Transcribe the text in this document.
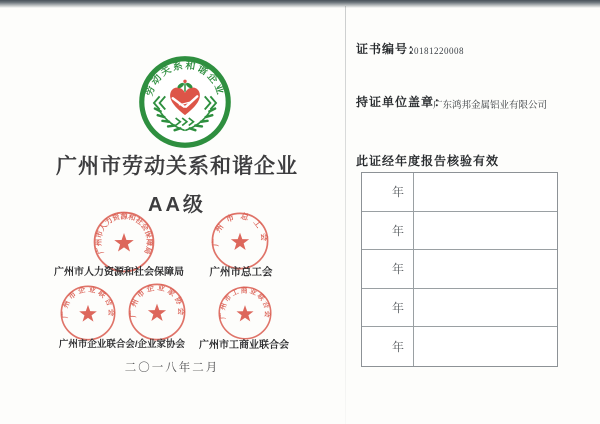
劳动关系和谐企业
广州市劳动关系和谐企业
AA级
广州市人力资源和社会保障局
广州市总工会
广州市人力资源和社会保障局	广州市总工会
广州市企业联合会 广州市企业家协会	广州市工商业联合会
广州市企业联合会/企业家协会	广州市工商业联合会
二〇一八年二月
证书编号：
20181220008
持证单位盖章：
广东鸿邦金属铝业有限公司
此证经年度报告核验有效
年
年
年
年
年
